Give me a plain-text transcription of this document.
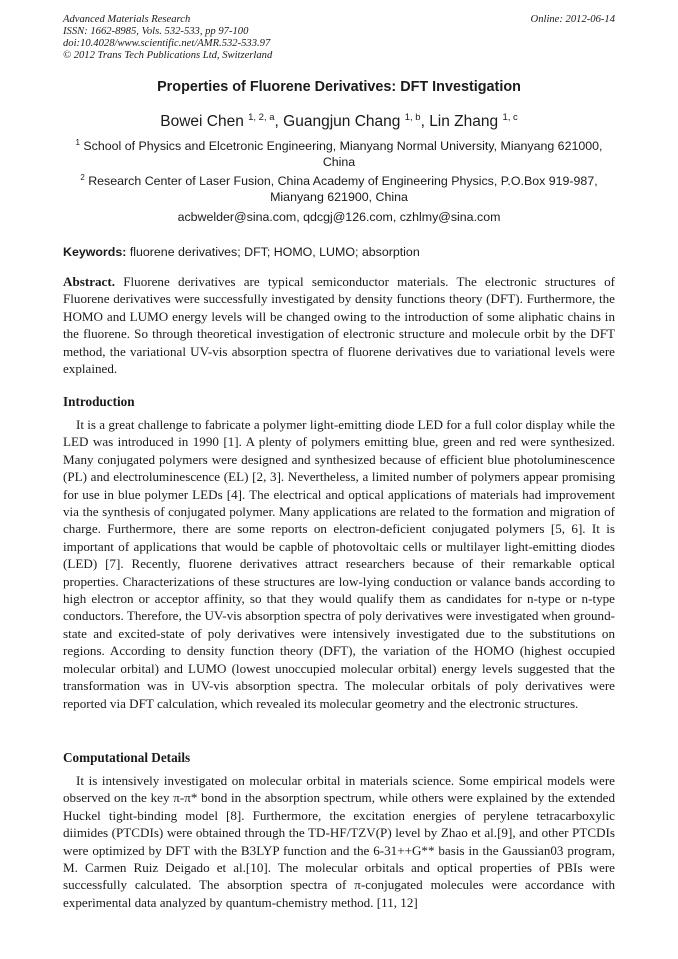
Advanced Materials Research
ISSN: 1662-8985, Vols. 532-533, pp 97-100
doi:10.4028/www.scientific.net/AMR.532-533.97
© 2012 Trans Tech Publications Ltd, Switzerland
Online: 2012-06-14
Properties of Fluorene Derivatives: DFT Investigation
Bowei Chen $^{1, 2, a}$, Guangjun Chang $^{1, b}$, Lin Zhang $^{1, c}$
$^1$ School of Physics and Elcetronic Engineering, Mianyang Normal University, Mianyang 621000, China
$^2$ Research Center of Laser Fusion, China Academy of Engineering Physics, P.O.Box 919-987, Mianyang 621900, China
acbwelder@sina.com, qdcgj@126.com, czhlmy@sina.com
Keywords: fluorene derivatives; DFT; HOMO, LUMO; absorption
Abstract. Fluorene derivatives are typical semiconductor materials. The electronic structures of Fluorene derivatives were successfully investigated by density functions theory (DFT). Furthermore, the HOMO and LUMO energy levels will be changed owing to the introduction of some aliphatic chains in the fluorene. So through theoretical investigation of electronic structure and molecule orbit by the DFT method, the variational UV-vis absorption spectra of fluorene derivatives due to variational levels were explained.
Introduction
It is a great challenge to fabricate a polymer light-emitting diode LED for a full color display while the LED was introduced in 1990 [1]. A plenty of polymers emitting blue, green and red were synthesized. Many conjugated polymers were designed and synthesized because of efficient blue photoluminescence (PL) and electroluminescence (EL) [2, 3]. Nevertheless, a limited number of polymers appear promising for use in blue polymer LEDs [4]. The electrical and optical applications of materials had improvement via the synthesis of conjugated polymer. Many applications are related to the formation and migration of charge. Furthermore, there are some reports on electron-deficient conjugated polymers [5, 6]. It is important of applications that would be capble of photovoltaic cells or multilayer light-emitting diodes (LED) [7]. Recently, fluorene derivatives attract researchers because of their remarkable optical properties. Characterizations of these structures are low-lying conduction or valance bands according to high electron or acceptor affinity, so that they would qualify them as candidates for n-type or n-type conductors. Therefore, the UV-vis absorption spectra of poly derivatives were investigated when ground-state and excited-state of poly derivatives were intensively investigated due to the substitutions on regions. According to density function theory (DFT), the variation of the HOMO (highest occupied molecular orbital) and LUMO (lowest unoccupied molecular orbital) energy levels suggested that the transformation was in UV-vis absorption spectra. The molecular orbitals of poly derivatives were reported via DFT calculation, which revealed its molecular geometry and the electronic structures.
Computational Details
It is intensively investigated on molecular orbital in materials science. Some empirical models were observed on the key π-π* bond in the absorption spectrum, while others were explained by the extended Huckel tight-binding model [8]. Furthermore, the excitation energies of perylene tetracarboxylic diimides (PTCDIs) were obtained through the TD-HF/TZV(P) level by Zhao et al.[9], and other PTCDIs were optimized by DFT with the B3LYP function and the 6-31++G** basis in the Gaussian03 program, M. Carmen Ruiz Deigado et al.[10]. The molecular orbitals and optical properties of PBIs were successfully calculated. The absorption spectra of π-conjugated molecules were accordance with experimental data analyzed by quantum-chemistry method. [11, 12]
